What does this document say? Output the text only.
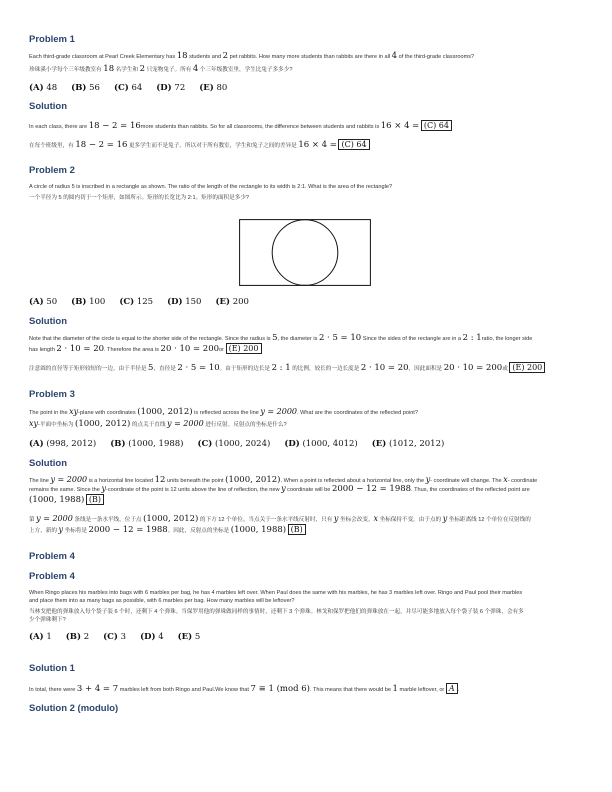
Problem 1

Each third-grade classroom at Pearl Creek Elementary has 18 students and 2 pet rabbits. How many more students than rabbits are there in all 4 of the third-grade classrooms?

珍珠溪小学每个三年级教室有 18 名学生和 2 只宠物兔子。所有 4 个三年级教室里，学生比兔子多多少?

(A) 48 (B) 56 (C) 64 (D) 72 (E) 80
Solution

In each class, there are 18 − 2 = 16more students than rabbits. So for all classrooms, the difference between students and rabbits is 16 × 4 = (C) 64

在每个班级里，有 18 − 2 = 16 更多学生而不是兔子。所以对于所有教室，学生和兔子之间的差异是 16 × 4 = (C) 64

Problem 2

A circle of radius 5 is inscribed in a rectangle as shown. The ratio of the length of the rectangle to its width is 2:1. What is the area of the rectangle?

一个半径为 5 的圆内切于一个矩形，如图所示。矩形的长宽比为 2:1。矩形的面积是多少?

(A) 50 (B) 100 (C) 125 (D) 150 (E) 200
Solution

Note that the diameter of the circle is equal to the shorter side of the rectangle. Since the radius is 5, the diameter is 2 · 5 = 10 Since the sides of the rectangle are in a 2 : 1ratio, the longer side

has length 2 · 10 = 20. Therefore the area is 20 · 10 = 200or (E) 200

注意圆的直径等于矩形较短的一边。由于半径是 5，直径是 2 · 5 = 10。由于矩形的边长是 2 : 1 的比例，较长的一边长度是 2 · 10 = 20，因此面积是 20 · 10 = 200或 (E) 200

Problem 3

The point in the xy-plane with coordinates (1000, 2012) is reflected across the line y = 2000. What are the coordinates of the reflected point?

xy-平面中坐标为 (1000, 2012) 的点关于直线 y = 2000 进行反射。反射点的坐标是什么?

(A) (998, 2012) (B) (1000, 1988) (C) (1000, 2024) (D) (1000, 4012) (E) (1012, 2012)
Solution

The line y = 2000 is a horizontal line located 12 units beneath the point (1000, 2012). When a point is reflected about a horizontal line, only the y- coordinate will change. The x- coordinate

remains the same. Since the y-coordinate of the point is 12 units above the line of reflection, the new y coordinate will be 2000 − 12 = 1988. Thus, the coordinates of the reflected point are

(1000, 1988) (B)

第 y = 2000 条线是一条水平线，位于点 (1000, 2012) 的下方 12 个单位。当点关于一条水平线反射时，只有 y 坐标会改变。x 坐标保持不变。由于点的 y 坐标距离线 12 个单位在反射线的

上方，新的 y 坐标将是 2000 − 12 = 1988。因此，反射点的坐标是 (1000, 1988) (B)

Problem 4
Problem 4

When Ringo places his marbles into bags with 6 marbles per bag, he has 4 marbles left over. When Paul does the same with his marbles, he has 3 marbles left over. Ringo and Paul pool their marbles

and place them into as many bags as possible, with 6 marbles per bag. How many marbles will be leftover?

当林戈把他的弹珠放入每个袋子装 6 个时，还剩下 4 个弹珠。当保罗用他的弹珠做同样的事情时，还剩下 3 个弹珠。林戈和保罗把他们的弹珠放在一起，并尽可能多地放入每个袋子装 6 个弹珠，会有多

少个弹珠剩下?

(A) 1 (B) 2 (C) 3 (D) 4 (E) 5
Solution 1

In total, there were 3 + 4 = 7 marbles left from both Ringo and Paul.We know that 7 ≡ 1 (mod 6). This means that there would be 1 marble leftover, or A .

Solution 2 (modulo)
